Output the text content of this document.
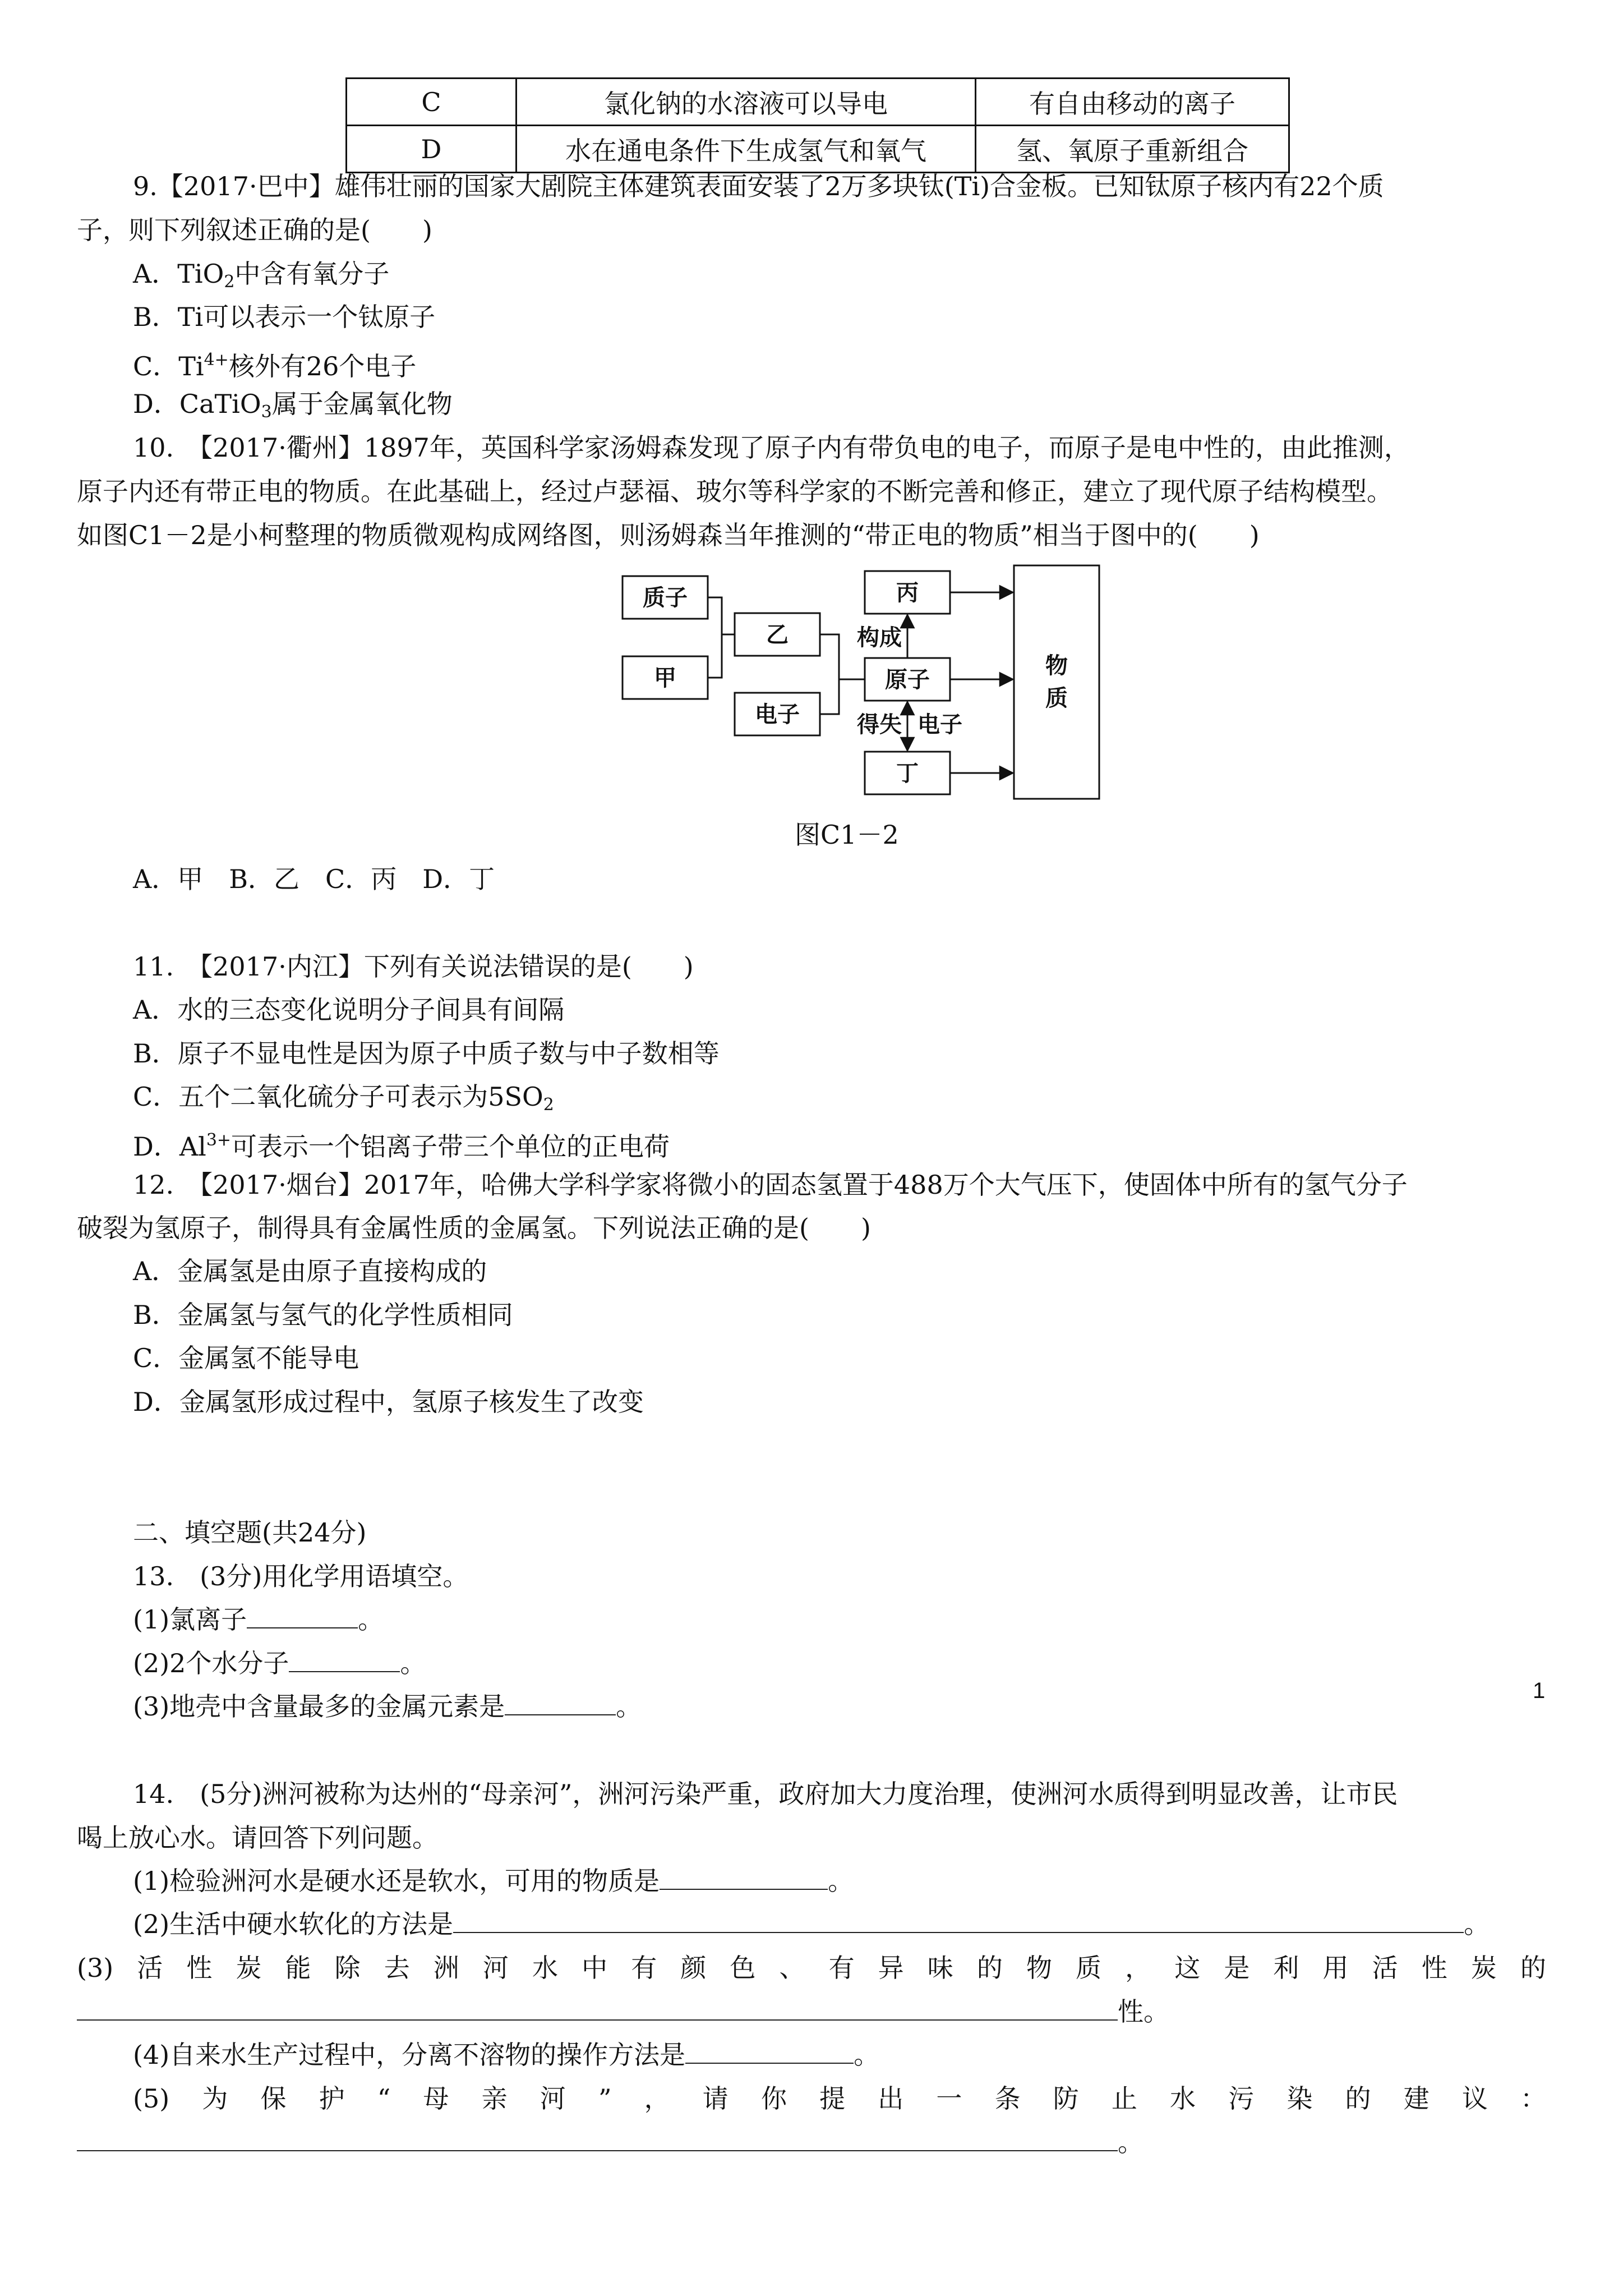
C	氯化钠的水溶液可以导电	有自由移动的离子
D	水在通电条件下生成氢气和氧气	氢、氧原子重新组合
9.【2017·巴中】雄伟壮丽的国家大剧院主体建筑表面安装了2万多块钛(Ti)合金板。已知钛原子核内有22个质
子，则下列叙述正确的是(　　)
A．TiO$_2$中含有氧分子
B．Ti可以表示一个钛原子
C．$Ti^{4+}$核外有26个电子
D．CaTiO$_3$属于金属氧化物
10.　【2017·衢州】1897年，英国科学家汤姆森发现了原子内有带负电的电子，而原子是电中性的，由此推测，
原子内还有带正电的物质。在此基础上，经过卢瑟福、玻尔等科学家的不断完善和修正，建立了现代原子结构模型。
如图C1－2是小柯整理的物质微观构成网络图，则汤姆森当年推测的“带正电的物质”相当于图中的(　　)
质子
甲
乙
电子
丙
原子
丁
物
质
构成
得失 电子
图C1－2
A．甲　B．乙　C．丙　D．丁
11.　【2017·内江】下列有关说法错误的是(　　)
A．水的三态变化说明分子间具有间隔
B．原子不显电性是因为原子中质子数与中子数相等
C．五个二氧化硫分子可表示为$5SO_2$
D．$Al^{3+}$可表示一个铝离子带三个单位的正电荷
12.　【2017·烟台】2017年，哈佛大学科学家将微小的固态氢置于488万个大气压下，使固体中所有的氢气分子
破裂为氢原子，制得具有金属性质的金属氢。下列说法正确的是(　　)
A．金属氢是由原子直接构成的
B．金属氢与氢气的化学性质相同
C．金属氢不能导电
D．金属氢形成过程中，氢原子核发生了改变
二、填空题(共24分)
13.　(3分)用化学用语填空。
(1)氯离子	。
(2)2个水分子	。
(3)地壳中含量最多的金属元素是	。
14.　(5分)洲河被称为达州的“母亲河”，洲河污染严重，政府加大力度治理，使洲河水质得到明显改善，让市民
喝上放心水。请回答下列问题。
(1)检验洲河水是硬水还是软水，可用的物质是	。
(2)生活中硬水软化的方法是	。
(3) 活 性 炭 能 除 去 洲 河 水 中 有 颜 色 、 有 异 味 的 物 质 ， 这 是 利 用 活 性 炭 的
性。
(4)自来水生产过程中，分离不溶物的操作方法是	。
(5) 为 保 护 “ 母 亲 河 ” ， 请 你 提 出 一 条 防 止 水 污 染 的 建 议 ：
。
1
